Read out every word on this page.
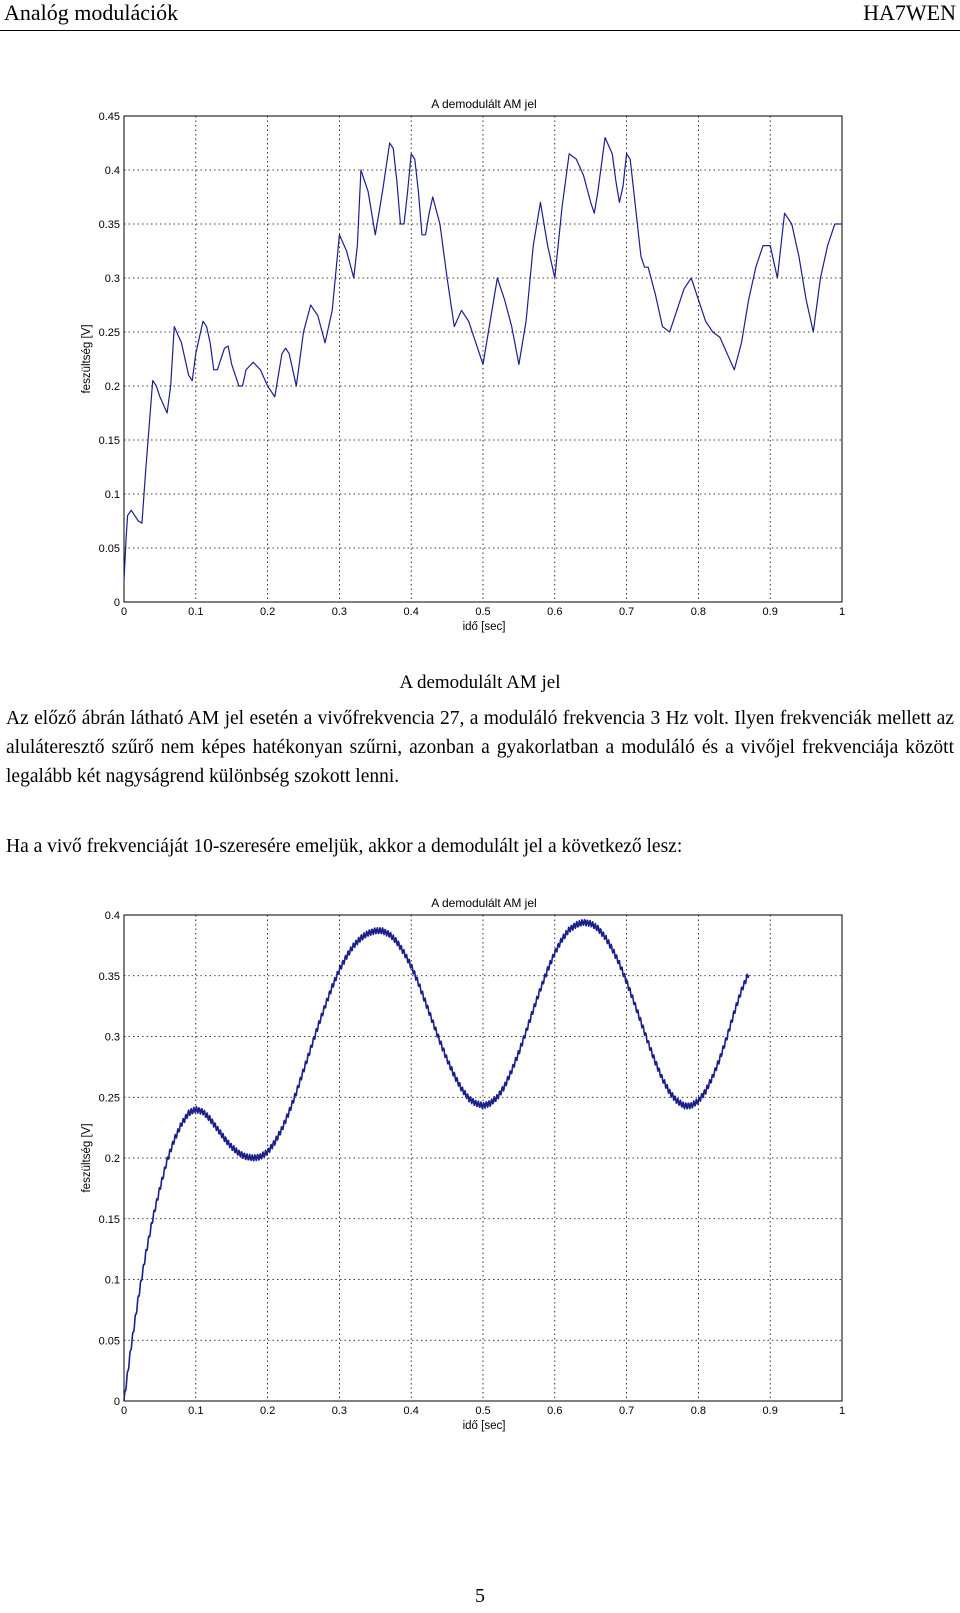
Analóg modulációk	HA7WEN
0	0.1	0.2	0.3	0.4	0.5	0.6	0.7	0.8	0.9	1
0
0.05
0.1
0.15
0.2
0.25
0.3
0.35
0.4
0.45
A demodulált AM jel
idő [sec]
feszültség [V]
A demodulált AM jel
Az előző ábrán látható AM jel esetén a vivőfrekvencia 27, a moduláló frekvencia 3 Hz volt. Ilyen frekvenciák mellett az aluláteresztő szűrő nem képes hatékonyan szűrni, azonban a gyakorlatban a moduláló és a vivőjel frekvenciája között legalább két nagyságrend különbség szokott lenni.
Ha a vivő frekvenciáját 10-szeresére emeljük, akkor a demodulált jel a következő lesz:
0	0.1	0.2	0.3	0.4	0.5	0.6	0.7	0.8	0.9	1
0
0.05
0.1
0.15
0.2
0.25
0.3
0.35
0.4
A demodulált AM jel
idő [sec]
feszültség [V]
5
